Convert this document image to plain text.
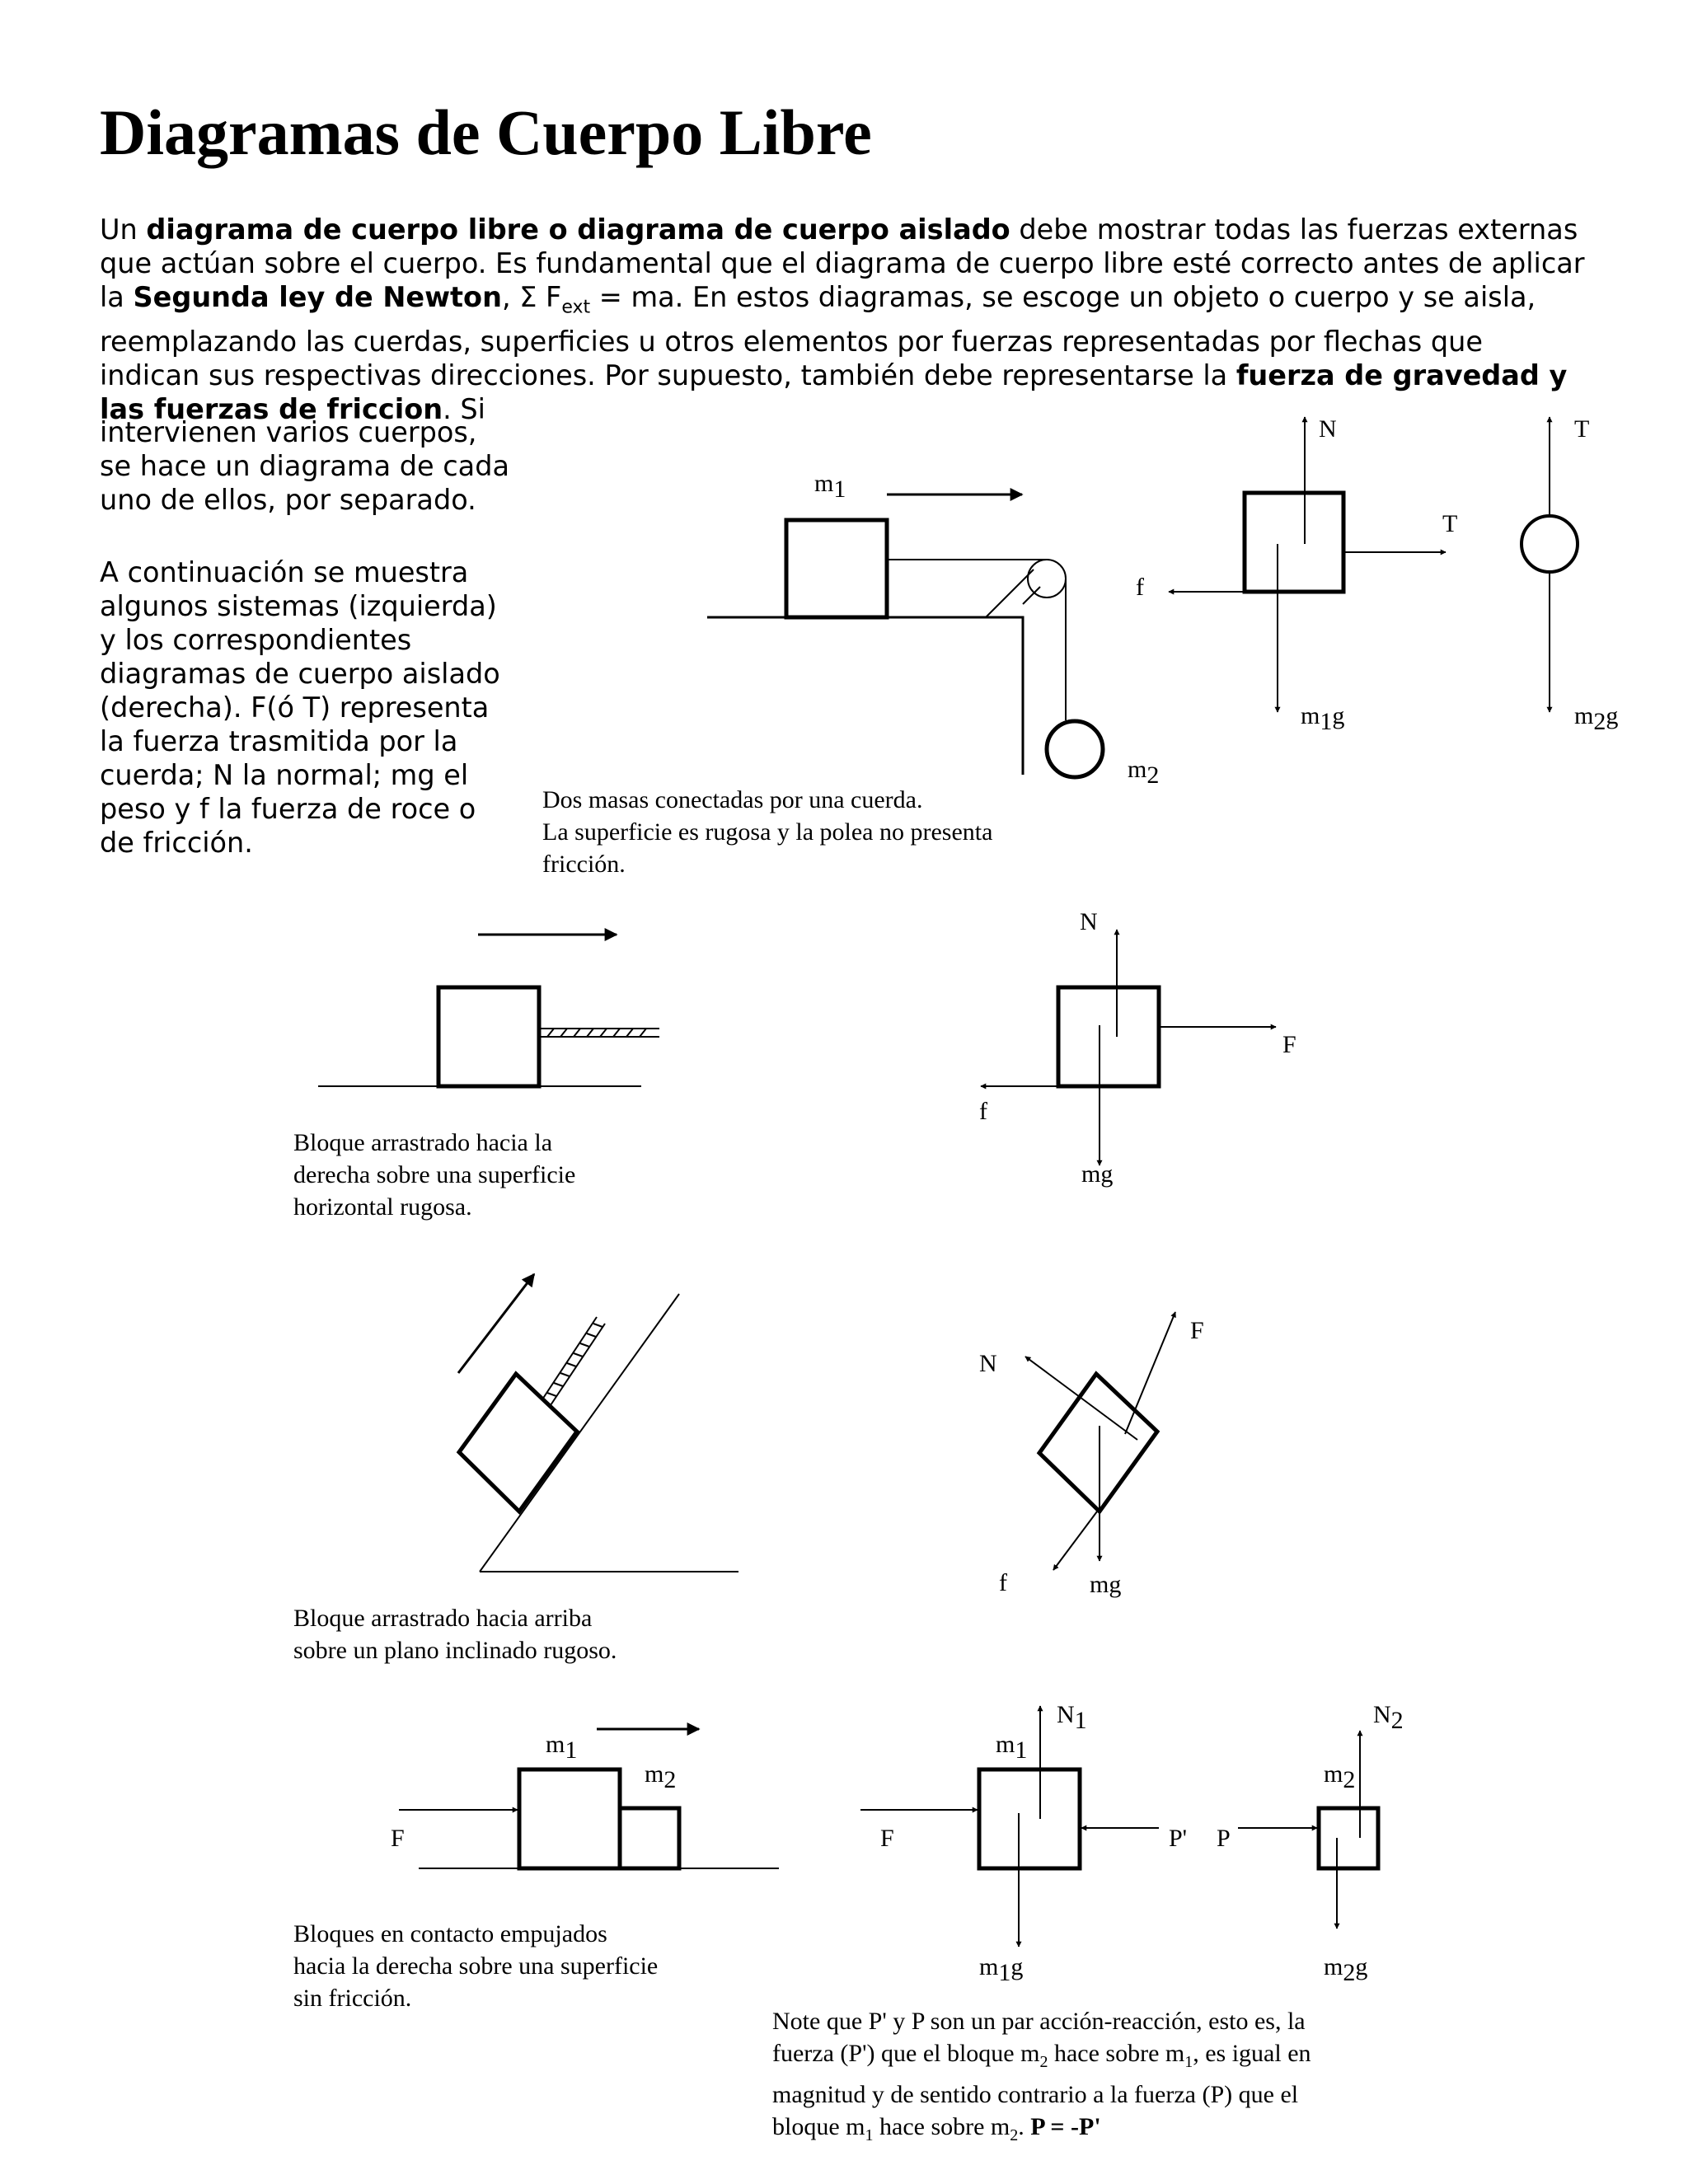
Diagramas de Cuerpo Libre
Un diagrama de cuerpo libre o diagrama de cuerpo aislado debe mostrar todas las fuerzas externas
que actúan sobre el cuerpo. Es fundamental que el diagrama de cuerpo libre esté correcto antes de aplicar
la Segunda ley de Newton, Σ $F_{ext}$ = ma. En estos diagramas, se escoge un objeto o cuerpo y se aisla,
reemplazando las cuerdas, superficies u otros elementos por fuerzas representadas por flechas que
indican sus respectivas direcciones. Por supuesto, también debe representarse la fuerza de gravedad y
las fuerzas de friccion. Si
intervienen varios cuerpos,
se hace un diagrama de cada
uno de ellos, por separado.
A continuación se muestra
algunos sistemas (izquierda)
y los correspondientes
diagramas de cuerpo aislado
(derecha). F(ó T) representa
la fuerza trasmitida por la
cuerda; N la normal; mg el
peso y f la fuerza de roce o
de fricción.
Dos masas conectadas por una cuerda.
La superficie es rugosa y la polea no presenta
fricción.
Bloque arrastrado hacia la
derecha sobre una superficie
horizontal rugosa.
Bloque arrastrado hacia arriba
sobre un plano inclinado rugoso.
Bloques en contacto empujados
hacia la derecha sobre una superficie
sin fricción.
Note que P' y P son un par acción-reacción, esto es, la
fuerza (P') que el bloque $m_2$ hace sobre $m_1$, es igual en
magnitud y de sentido contrario a la fuerza (P) que el
bloque $m_1$ hace sobre $m_2$. P = -P'
m1
m2
N
T
f
m1g
T
m2g
N
F
f
mg
F
N
f	mg
m1
m2
F
m1
N1
F	P'
m1g
m2
N2
P
m2g
